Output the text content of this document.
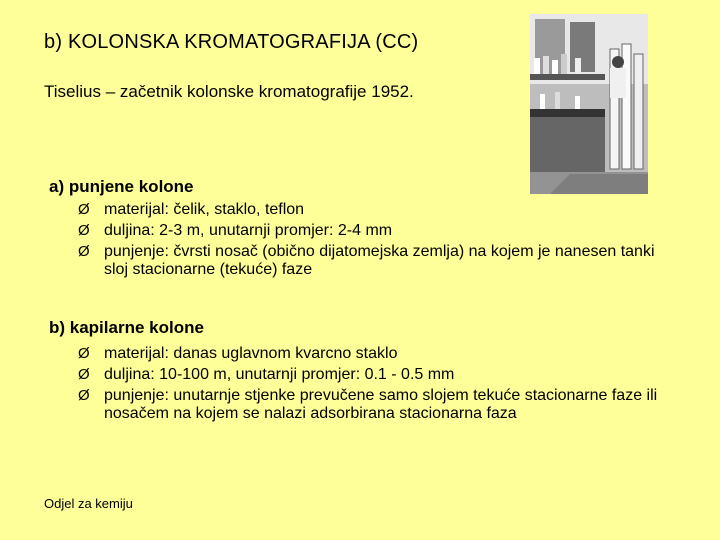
b) KOLONSKA KROMATOGRAFIJA (CC)
Tiselius – začetnik kolonske kromatografije 1952.
a) punjene kolone
Ø materijal: čelik, staklo, teflon
Ø duljina: 2-3 m, unutarnji promjer: 2-4 mm
Ø punjenje: čvrsti nosač (obično dijatomejska zemlja) na kojem je nanesen tanki sloj stacionarne (tekuće) faze
b) kapilarne kolone
Ø materijal: danas uglavnom kvarcno staklo
Ø duljina: 10-100 m, unutarnji promjer: 0.1 - 0.5 mm
Ø punjenje: unutarnje stjenke prevučene samo slojem tekuće stacionarne faze ili nosačem na kojem se nalazi adsorbirana stacionarna faza
Odjel za kemiju
